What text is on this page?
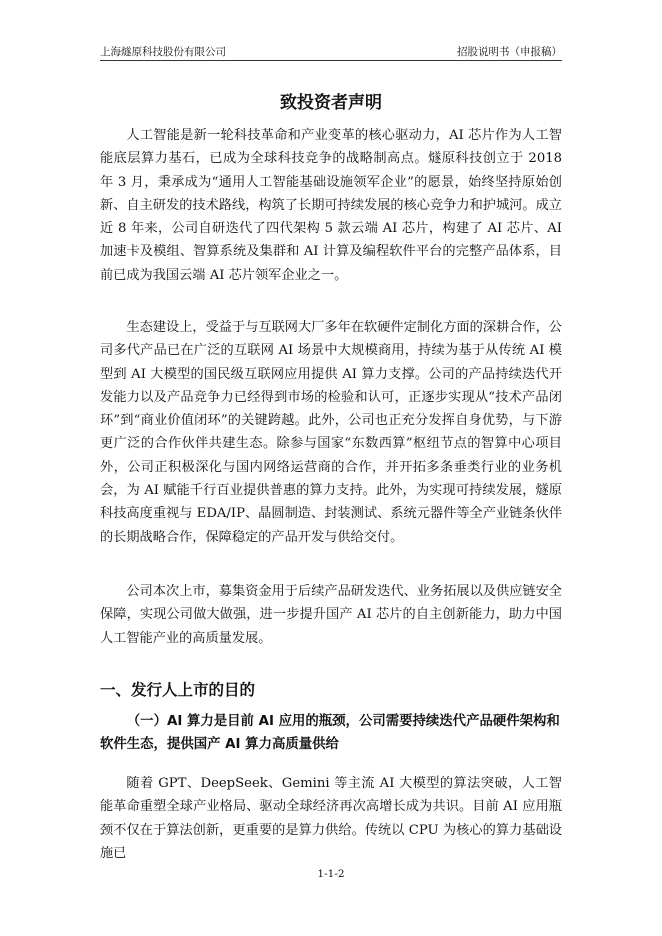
上海燧原科技股份有限公司	招股说明书（申报稿）
致投资者声明

人工智能是新一轮科技革命和产业变革的核心驱动力，AI 芯片作为人工智能底层算力基石，已成为全球科技竞争的战略制高点。燧原科技创立于 2018 年 3 月，秉承成为“通用人工智能基础设施领军企业”的愿景，始终坚持原始创新、自主研发的技术路线，构筑了长期可持续发展的核心竞争力和护城河。成立近 8 年来，公司自研迭代了四代架构 5 款云端 AI 芯片，构建了 AI 芯片、AI 加速卡及模组、智算系统及集群和 AI 计算及编程软件平台的完整产品体系，目前已成为我国云端 AI 芯片领军企业之一。

生态建设上，受益于与互联网大厂多年在软硬件定制化方面的深耕合作，公司多代产品已在广泛的互联网 AI 场景中大规模商用，持续为基于从传统 AI 模型到 AI 大模型的国民级互联网应用提供 AI 算力支撑。公司的产品持续迭代开发能力以及产品竞争力已经得到市场的检验和认可，正逐步实现从“技术产品闭环”到“商业价值闭环”的关键跨越。此外，公司也正充分发挥自身优势，与下游更广泛的合作伙伴共建生态。除参与国家“东数西算”枢纽节点的智算中心项目外，公司正积极深化与国内网络运营商的合作，并开拓多条垂类行业的业务机会，为 AI 赋能千行百业提供普惠的算力支持。此外，为实现可持续发展，燧原科技高度重视与 EDA/IP、晶圆制造、封装测试、系统元器件等全产业链条伙伴的长期战略合作，保障稳定的产品开发与供给交付。

公司本次上市，募集资金用于后续产品研发迭代、业务拓展以及供应链安全保障，实现公司做大做强，进一步提升国产 AI 芯片的自主创新能力，助力中国人工智能产业的高质量发展。

一、发行人上市的目的
（一）AI 算力是目前 AI 应用的瓶颈，公司需要持续迭代产品硬件架构和软件生态，提供国产 AI 算力高质量供给

随着 GPT、DeepSeek、Gemini 等主流 AI 大模型的算法突破，人工智能革命重塑全球产业格局、驱动全球经济再次高增长成为共识。目前 AI 应用瓶颈不仅在于算法创新，更重要的是算力供给。传统以 CPU 为核心的算力基础设施已

1-1-2
